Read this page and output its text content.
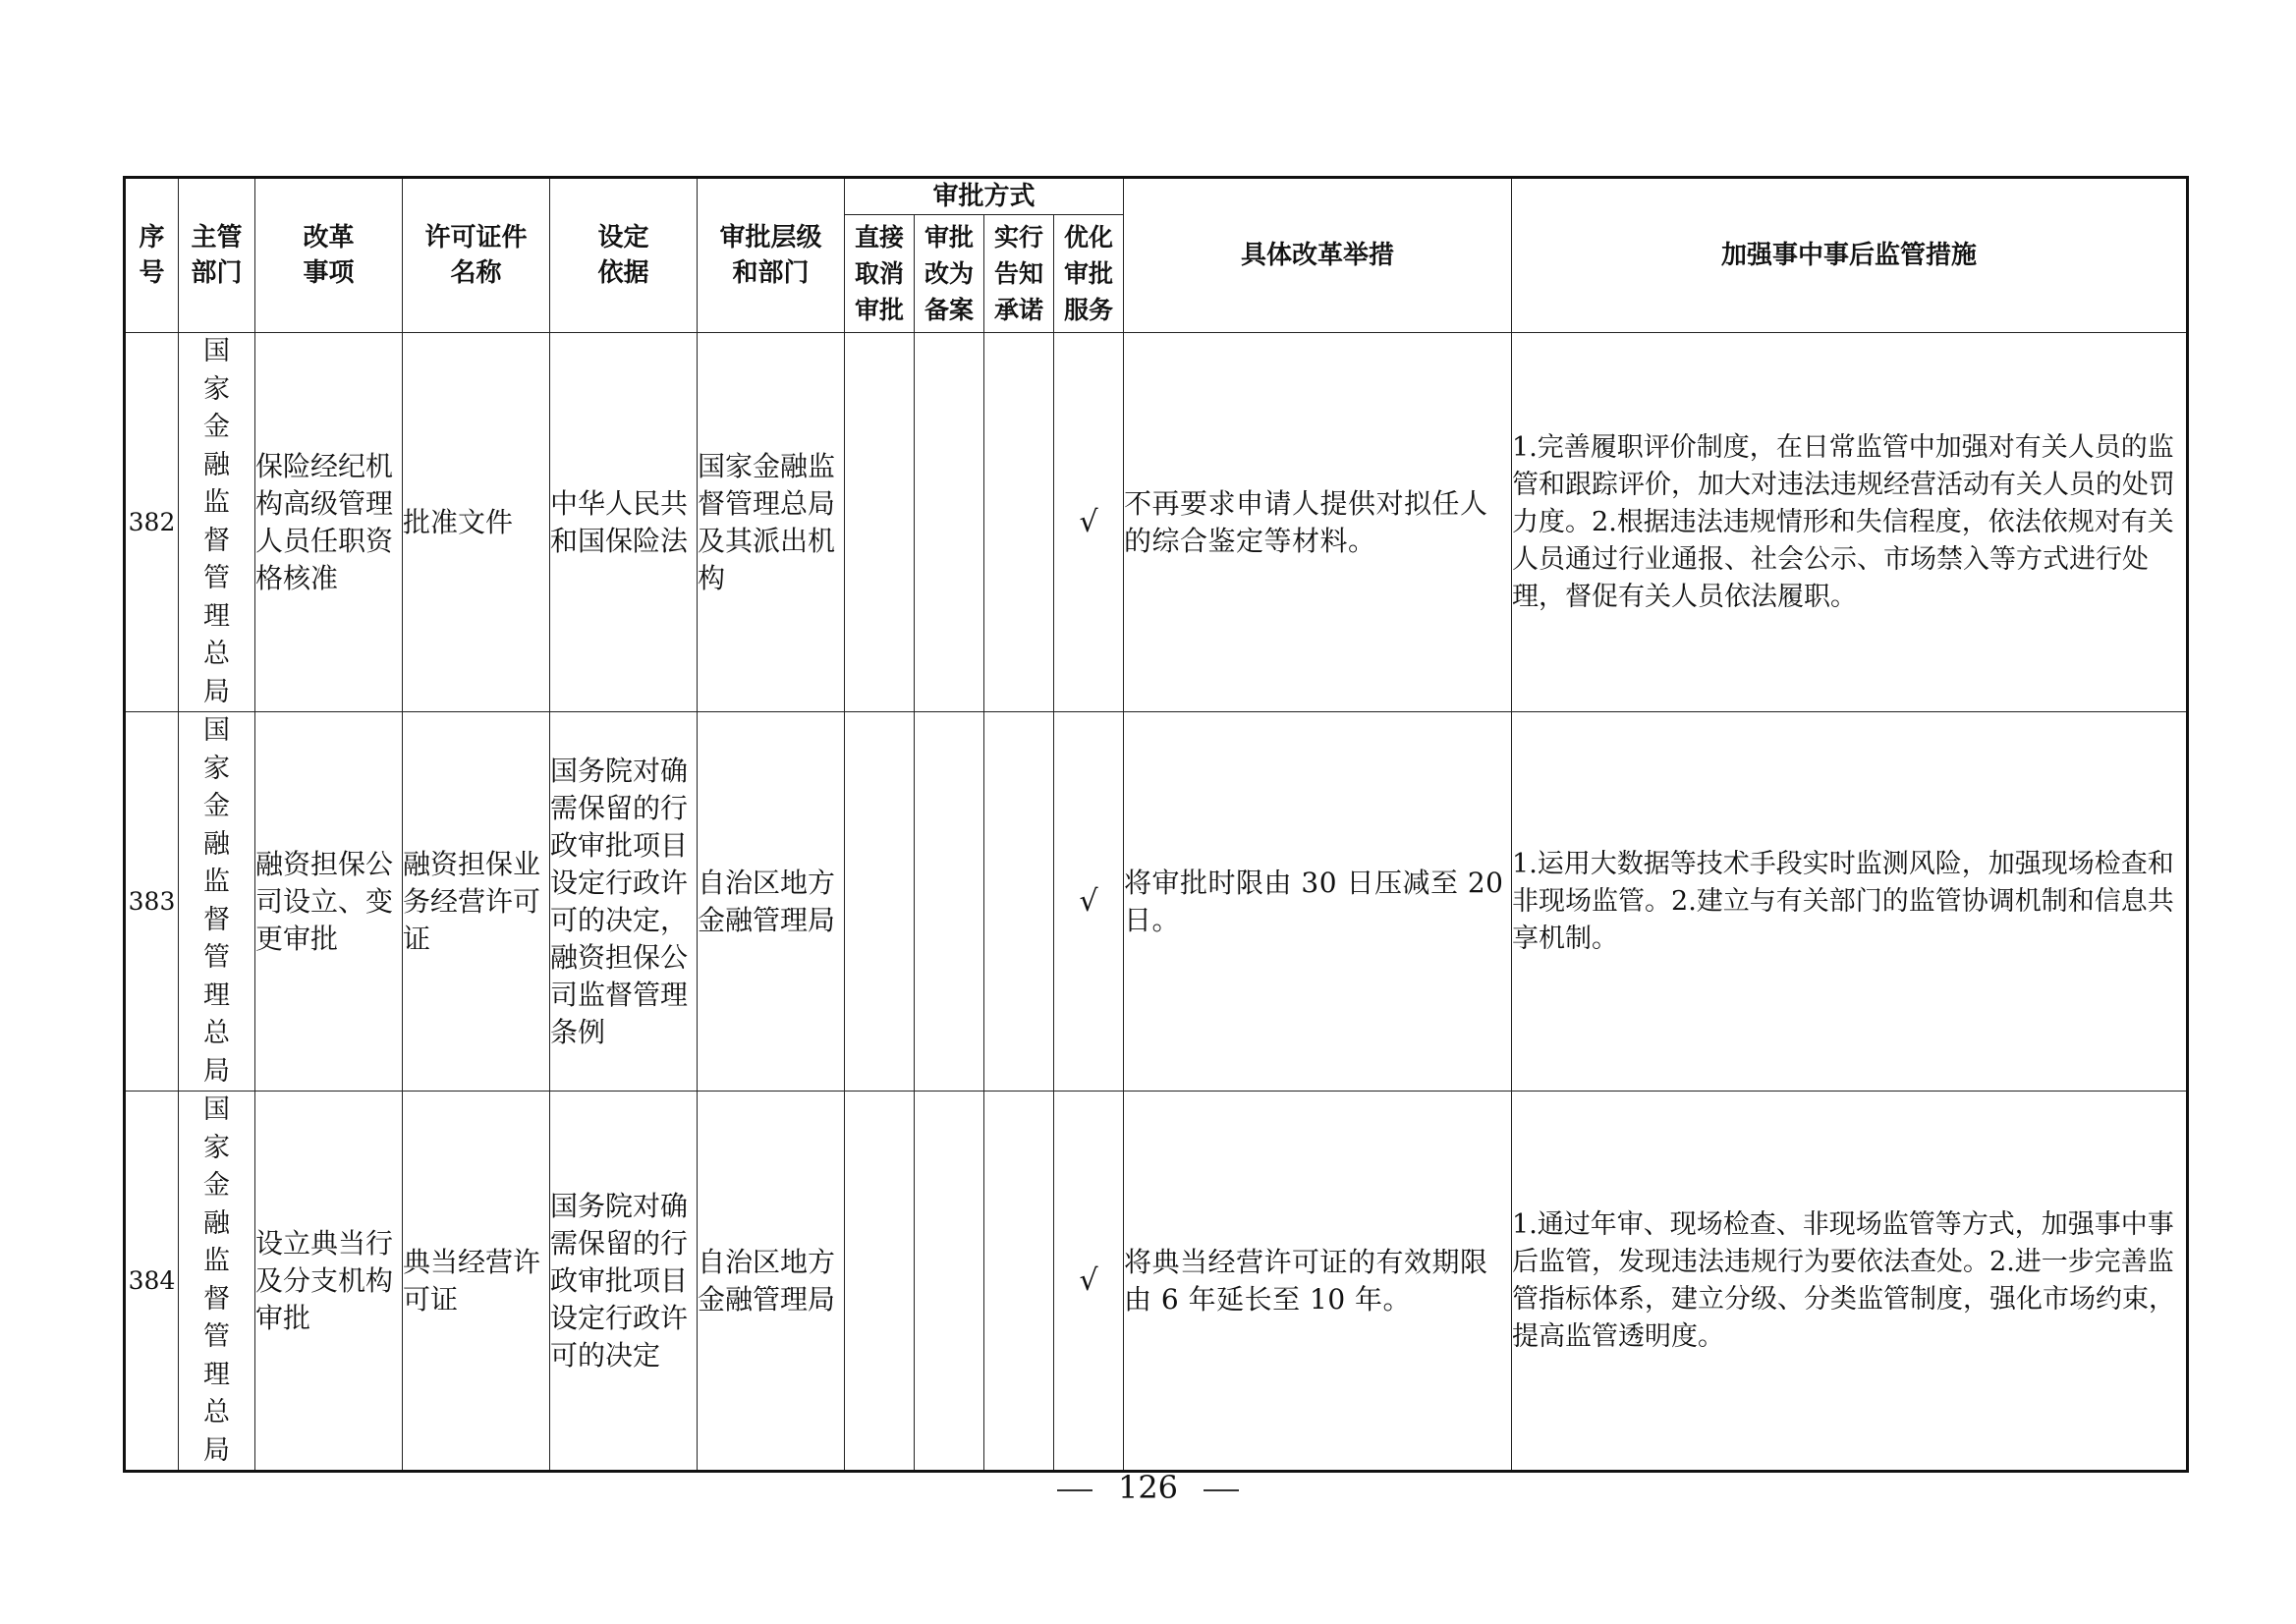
序号	主管部门	改革事项	许可证件名称	设定依据	审批层级和部门	审批方式				具体改革举措	加强事中事后监管措施
						直接取消审批	审批改为备案	实行告知承诺	优化审批服务		
382	国家金融监督管理总局	保险经纪机构高级管理人员任职资格核准	批准文件	中华人民共和国保险法	国家金融监督管理总局及其派出机构				√	不再要求申请人提供对拟任人的综合鉴定等材料。	1.完善履职评价制度，在日常监管中加强对有关人员的监管和跟踪评价，加大对违法违规经营活动有关人员的处罚力度。2.根据违法违规情形和失信程度，依法依规对有关人员通过行业通报、社会公示、市场禁入等方式进行处理，督促有关人员依法履职。
383	国家金融监督管理总局	融资担保公司设立、变更审批	融资担保业务经营许可证	国务院对确需保留的行政审批项目设定行政许可的决定，融资担保公司监督管理条例	自治区地方金融管理局				√	将审批时限由 30 日压减至 20 日。	1.运用大数据等技术手段实时监测风险，加强现场检查和非现场监管。2.建立与有关部门的监管协调机制和信息共享机制。
384	国家金融监督管理总局	设立典当行及分支机构审批	典当经营许可证	国务院对确需保留的行政审批项目设定行政许可的决定	自治区地方金融管理局				√	将典当经营许可证的有效期限由 6 年延长至 10 年。	1.通过年审、现场检查、非现场监管等方式，加强事中事后监管，发现违法违规行为要依法查处。2.进一步完善监管指标体系，建立分级、分类监管制度，强化市场约束，提高监管透明度。
126
